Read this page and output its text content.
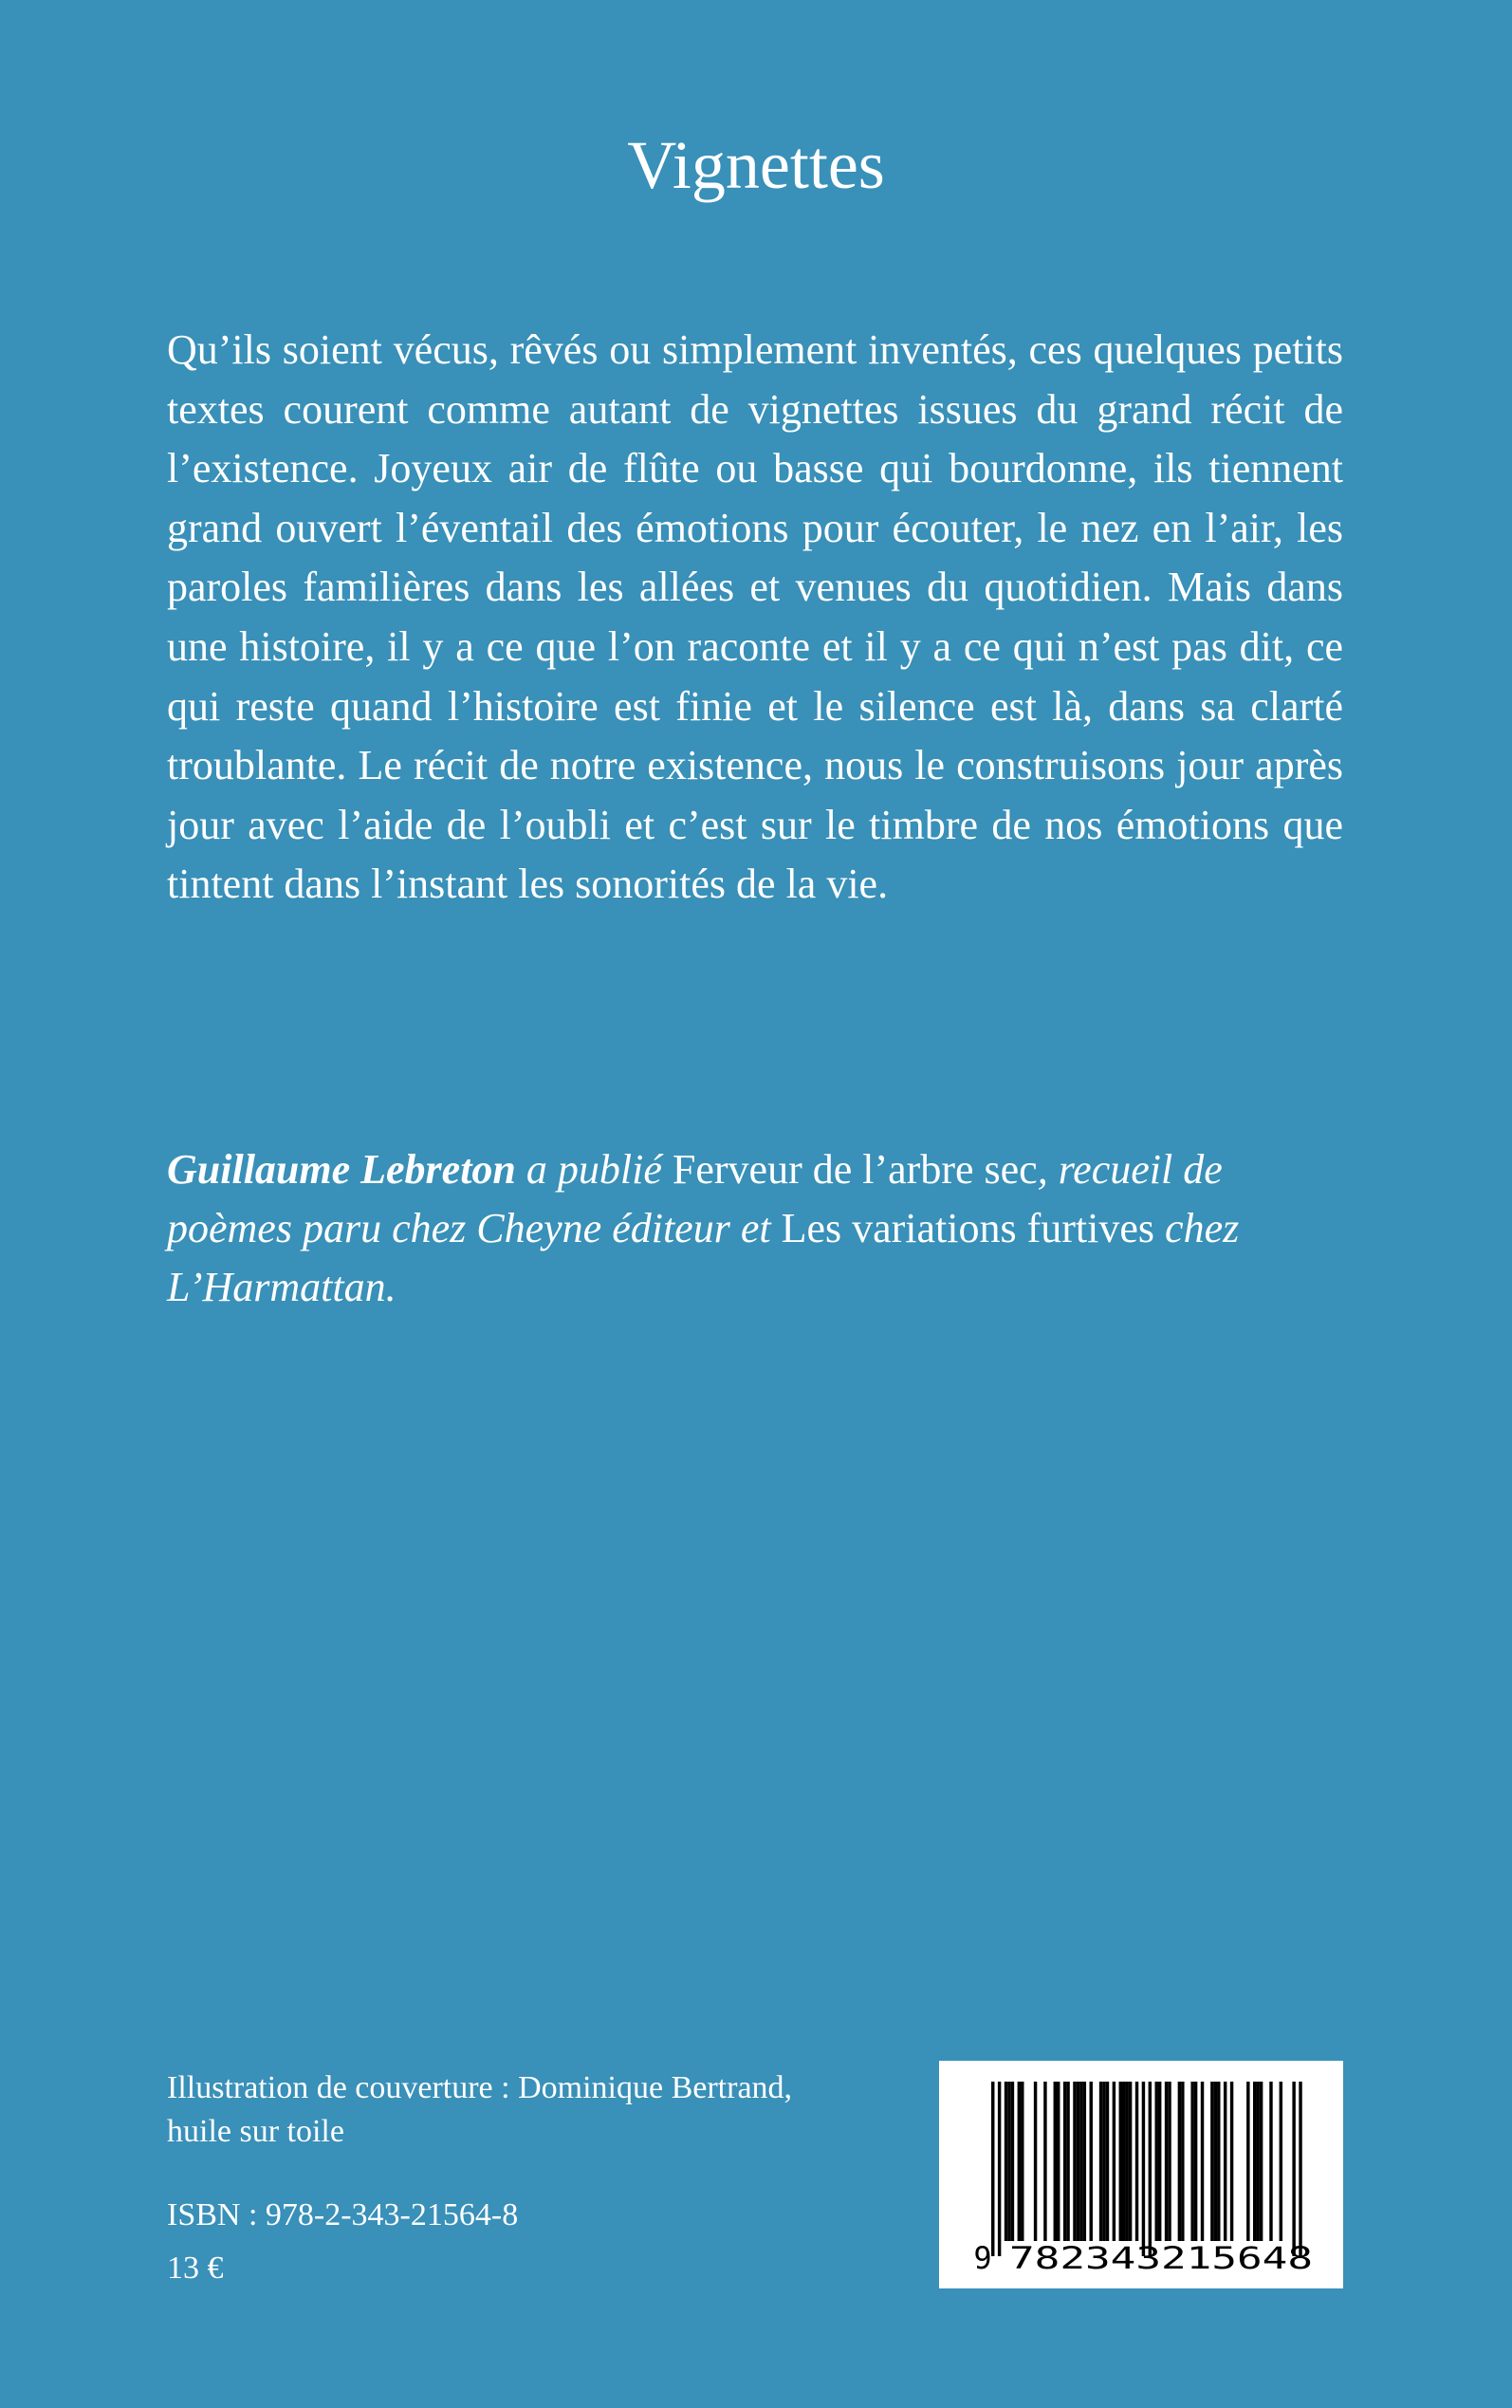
Vignettes

Qu’ils soient vécus, rêvés ou simplement inventés, ces quelques petits textes courent comme autant de vignettes issues du grand récit de l’existence. Joyeux air de flûte ou basse qui bourdonne, ils tiennent grand ouvert l’éventail des émotions pour écouter, le nez en l’air, les paroles familières dans les allées et venues du quotidien. Mais dans une histoire, il y a ce que l’on raconte et il y a ce qui n’est pas dit, ce qui reste quand l’histoire est finie et le silence est là, dans sa clarté troublante. Le récit de notre existence, nous le construisons jour après jour avec l’aide de l’oubli et c’est sur le timbre de nos émotions que tintent dans l’instant les sonorités de la vie.

Guillaume Lebreton a publié Ferveur de l’arbre sec, recueil de poèmes paru chez Cheyne éditeur et Les variations furtives chez L’Harmattan.

Illustration de couverture : Dominique Bertrand,
huile sur toile

ISBN : 978-2-343-21564-8

13 €	9 782343 215648
